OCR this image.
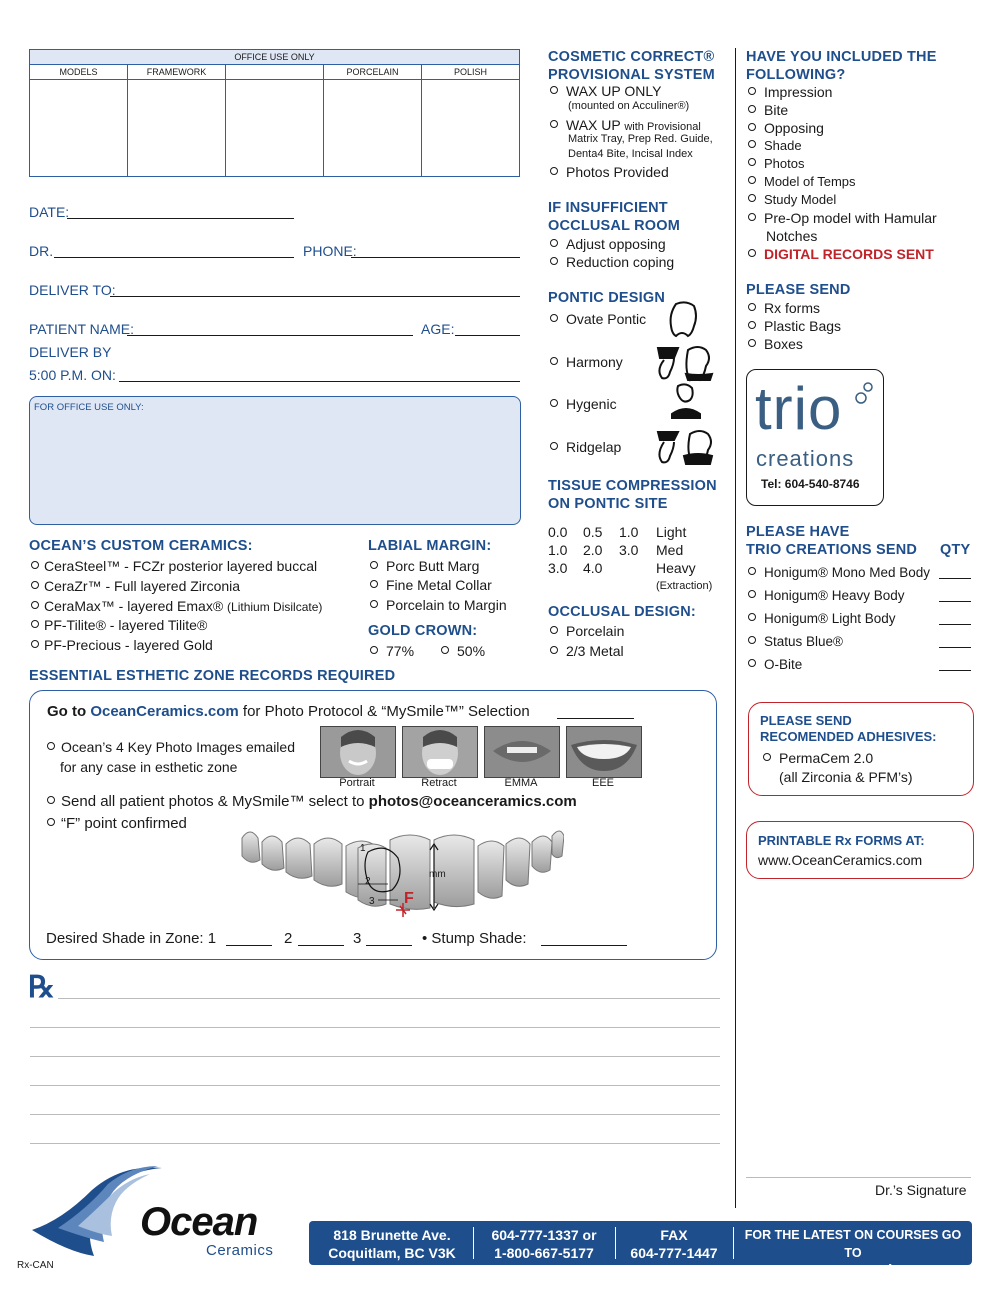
OFFICE USE ONLY				
MODELS	FRAMEWORK		PORCELAIN	POLISH

DATE:
DR.	PHONE:
DELIVER TO:
PATIENT NAME:	AGE:
DELIVER BY
5:00 P.M. ON:
FOR OFFICE USE ONLY:
COSMETIC CORRECT®
PROVISIONAL SYSTEM
WAX UP ONLY
(mounted on Acculiner®)
WAX UP with Provisional
Matrix Tray, Prep Red. Guide,
Denta4 Bite, Incisal Index
Photos Provided
IF INSUFFICIENT
OCCLUSAL ROOM
Adjust opposing
Reduction coping
PONTIC DESIGN
Ovate Pontic
Harmony
Hygenic
Ridgelap
TISSUE COMPRESSION
ON PONTIC SITE
0.0 0.5 1.0 Light
1.0 2.0 3.0 Med
3.0 4.0	Heavy
(Extraction)
OCCLUSAL DESIGN:
Porcelain
2/3 Metal
HAVE YOU INCLUDED THE
FOLLOWING?
Impression
Bite
Opposing
Shade
Photos
Model of Temps
Study Model
Pre-Op model with Hamular
Notches
DIGITAL RECORDS SENT
PLEASE SEND
Rx forms
Plastic Bags
Boxes
trio
creations
Tel: 604-540-8746
PLEASE HAVE
TRIO CREATIONS SEND QTY
Honigum® Mono Med Body
Honigum® Heavy Body
Honigum® Light Body
Status Blue®
O-Bite
PLEASE SEND
RECOMENDED ADHESIVES:
PermaCem 2.0
(all Zirconia & PFM’s)
PRINTABLE Rx FORMS AT:
www.OceanCeramics.com
OCEAN’S CUSTOM CERAMICS:
CeraSteel™ - FCZr posterior layered buccal
CeraZr™ - Full layered Zirconia
CeraMax™ - layered Emax® (Lithium Disilcate)
PF-Tilite® - layered Tilite®
PF-Precious - layered Gold
LABIAL MARGIN:
Porc Butt Marg
Fine Metal Collar
Porcelain to Margin
GOLD CROWN:
77%	50%
ESSENTIAL ESTHETIC ZONE RECORDS REQUIRED
Go to OceanCeramics.com for Photo Protocol & “MySmile™” Selection
Ocean’s 4 Key Photo Images emailed
for any case in esthetic zone
Portrait	Retract	EMMA	EEE
Send all patient photos & MySmile™ select to photos@oceanceramics.com
“F” point confirmed
1
2
3
mm
F
Desired Shade in Zone: 1	2	3	• Stump Shade:
℞
Dr.’s Signature
Ocean
Ceramics
Rx-CAN
818 Brunette Ave.
Coquitlam, BC V3K 1C5
604-777-1337 or
1-800-667-5177
FAX
604-777-1447
FOR THE LATEST ON COURSES GO TO
www.oceanceramics.com
